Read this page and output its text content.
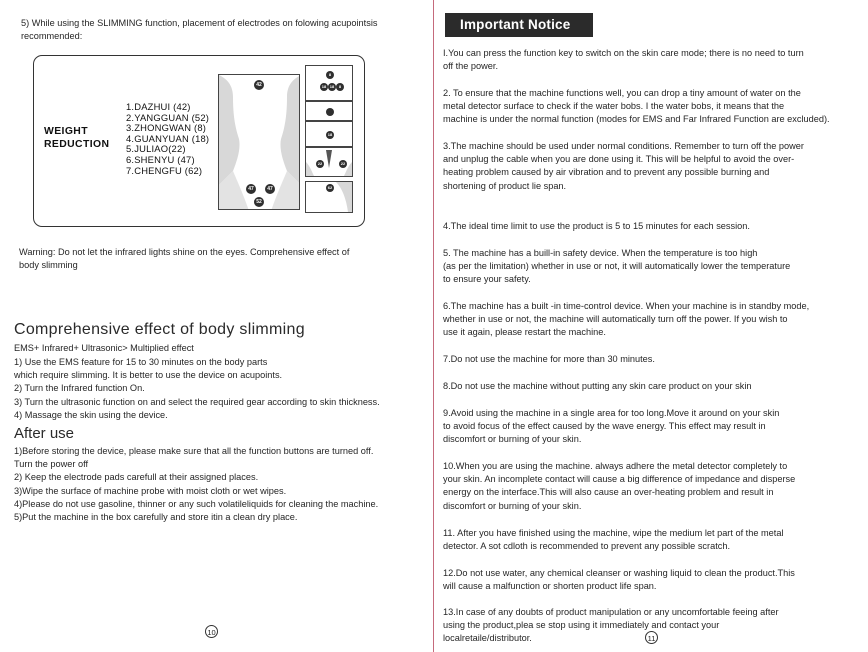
5) While using the SLIMMING function, placement of electrodes on folowing acupointsis
recommended:
WEIGHT
REDUCTION
1.DAZHUI (42)
2.YANGGUAN (52)
3.ZHONGWAN (8)
4.GUANYUAN (18)
5.JULIAO(22)
6.SHENYU (47)
7.CHENGFU (62)
42
47	47
52
8
18 18	8
18
22	22
62
Warning: Do not let the infrared lights shine on the eyes. Comprehensive effect of
body slimming
Comprehensive effect of body slimming
EMS+ Infrared+ Ultrasonic> Multiplied effect
1) Use the EMS feature for 15 to 30 minutes on the body parts
which require slimming. It is better to use the device on acupoints.
2) Turn the Infrared function On.
3) Turn the ultrasonic function on and select the required gear according to skin thickness.
4) Massage the skin using the device.
After use
1)Before storing the device, please make sure that all the function buttons are turned off.
Turn the power off
2) Keep the electrode pads carefull at their assigned places.
3)Wipe the surface of machine probe with moist cloth or wet wipes.
4)Please do not use gasoline, thinner or any such volatileliquids for cleaning the machine.
5)Put the machine in the box carefully and store itin a clean dry place.
10
Important Notice
I.You can press the function key to switch on the skin care mode; there is no need to turn
off the power.
2. To ensure that the machine functions well, you can drop a tiny amount of water on the
metal detector surface to check if the water bobs. I the water bobs, it means that the
machine is under the normal function (modes for EMS and Far Infrared Function are excluded).
3.The machine should be used under normal conditions. Remember to turn off the power
and unplug the cable when you are done using it. This will be helpful to avoid the over-
heating problem caused by air vibration and to prevent any possible burning and
shortening of product lie span.
4.The ideal time limit to use the product is 5 to 15 minutes for each session.
5. The machine has a buill-in safety device. When the temperature is too high
(as per the limitation) whether in use or not, it will automatically lower the temperature
to ensure your safety.
6.The machine has a built -in time-control device. When your machine is in standby mode,
whether in use or not, the machine will automatically turn off the power. If you wish to
use it again, please restart the machine.
7.Do not use the machine for more than 30 minutes.
8.Do not use the machine without putting any skin care product on your skin
9.Avoid using the machine in a single area for too long.Move it around on your skin
to avoid focus of the effect caused by the wave energy. This effect may result in
discomfort or burning of your skin.
10.When you are using the machine. always adhere the metal detector completely to
your skin. An incomplete contact will cause a big difference of impedance and disperse
energy on the interface.This will also cause an over-heating problem and result in
discomfort or burning of your skin.
11. After you have finished using the machine, wipe the medium let part of the metal
detector. A sot cdloth is recommended to prevent any possible scratch.
12.Do not use water, any chemical cleanser or washing liquid to clean the product.This
will cause a malfunction or shorten product life span.
13.In case of any doubts of product manipulation or any uncomfortable feeing after
using the product,plea se stop using it immediately and contact your
localretaile/distributor.	11
